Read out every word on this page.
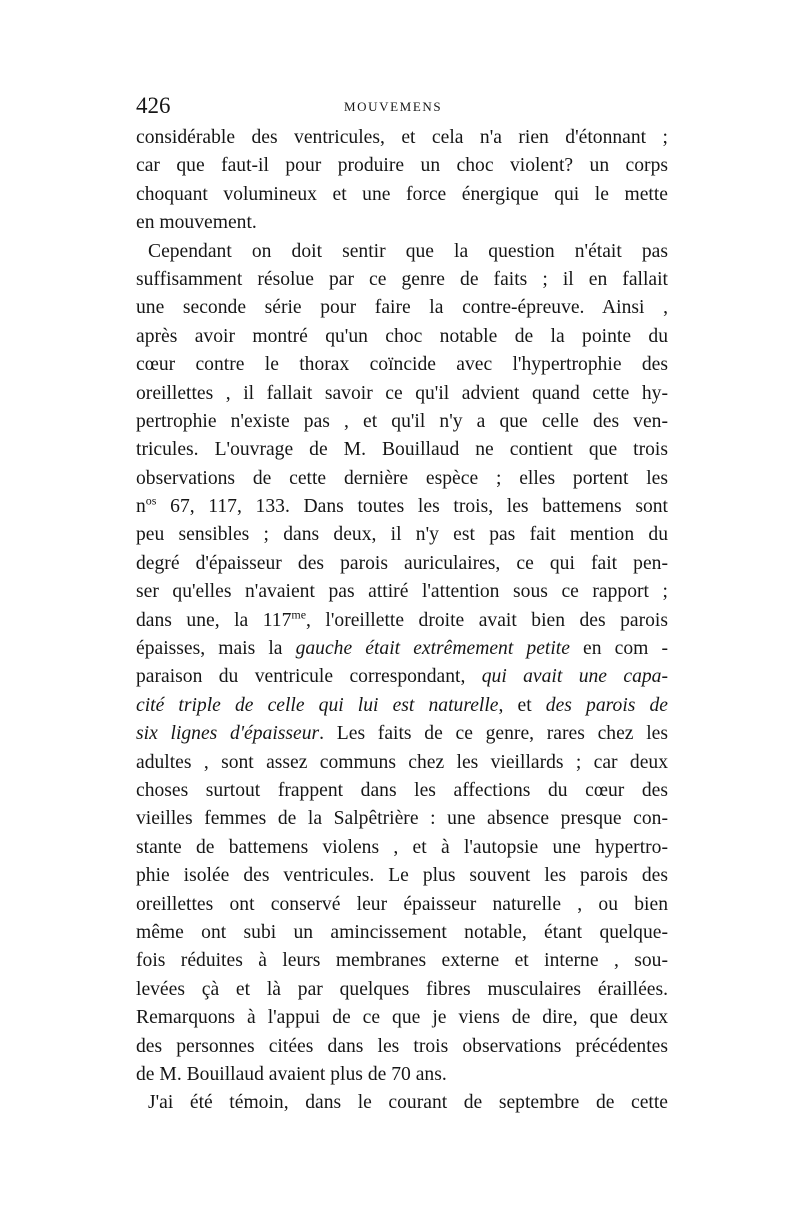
426	MOUVEMENS
considérable des ventricules, et cela n'a rien d'étonnant ;
car que faut-il pour produire un choc violent? un corps
choquant volumineux et une force énergique qui le mette
en mouvement.
Cependant on doit sentir que la question n'était pas
suffisamment résolue par ce genre de faits ; il en fallait
une seconde série pour faire la contre-épreuve. Ainsi ,
après avoir montré qu'un choc notable de la pointe du
cœur contre le thorax coïncide avec l'hypertrophie des
oreillettes , il fallait savoir ce qu'il advient quand cette hy-
pertrophie n'existe pas , et qu'il n'y a que celle des ven-
tricules. L'ouvrage de M. Bouillaud ne contient que trois
observations de cette dernière espèce ; elles portent les
$n^{os}$ 67, 117, 133. Dans toutes les trois, les battemens sont
peu sensibles ; dans deux, il n'y est pas fait mention du
degré d'épaisseur des parois auriculaires, ce qui fait pen-
ser qu'elles n'avaient pas attiré l'attention sous ce rapport ;
dans une, la $117^{me}$, l'oreillette droite avait bien des parois
épaisses, mais la gauche était extrêmement petite en com -
paraison du ventricule correspondant, qui avait une capa-
cité triple de celle qui lui est naturelle, et des parois de
six lignes d'épaisseur. Les faits de ce genre, rares chez les
adultes , sont assez communs chez les vieillards ; car deux
choses surtout frappent dans les affections du cœur des
vieilles femmes de la Salpêtrière : une absence presque con-
stante de battemens violens , et à l'autopsie une hypertro-
phie isolée des ventricules. Le plus souvent les parois des
oreillettes ont conservé leur épaisseur naturelle , ou bien
même ont subi un amincissement notable, étant quelque-
fois réduites à leurs membranes externe et interne , sou-
levées çà et là par quelques fibres musculaires éraillées.
Remarquons à l'appui de ce que je viens de dire, que deux
des personnes citées dans les trois observations précédentes
de M. Bouillaud avaient plus de 70 ans.
J'ai été témoin, dans le courant de septembre de cette
